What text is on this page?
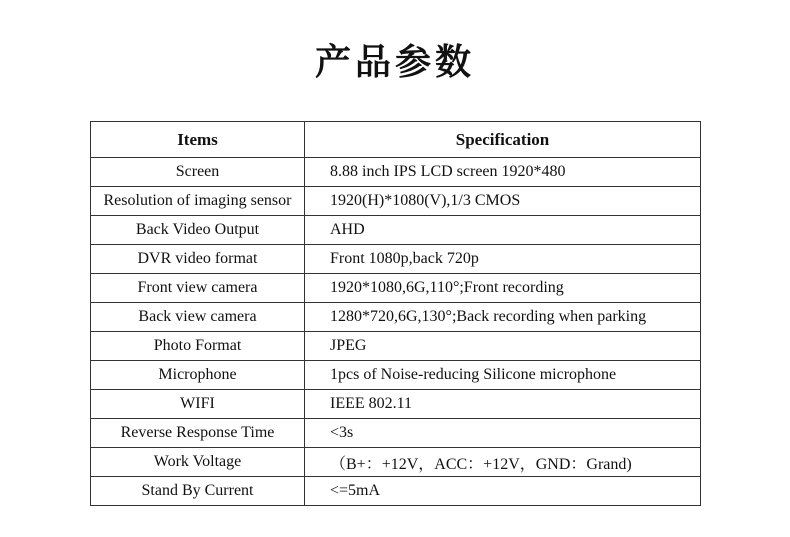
产品参数
Items	Specification
Screen	8.88 inch IPS LCD screen 1920*480
Resolution of imaging sensor	1920(H)*1080(V),1/3 CMOS
Back Video Output	AHD
DVR video format	Front 1080p,back 720p
Front view camera	1920*1080,6G,110°;Front recording
Back view camera	1280*720,6G,130°;Back recording when parking
Photo Format	JPEG
Microphone	1pcs of Noise-reducing Silicone microphone
WIFI	IEEE 802.11
Reverse Response Time	<3s
Work Voltage	（B+：+12V，ACC：+12V，GND：Grand)
Stand By Current	<=5mA
